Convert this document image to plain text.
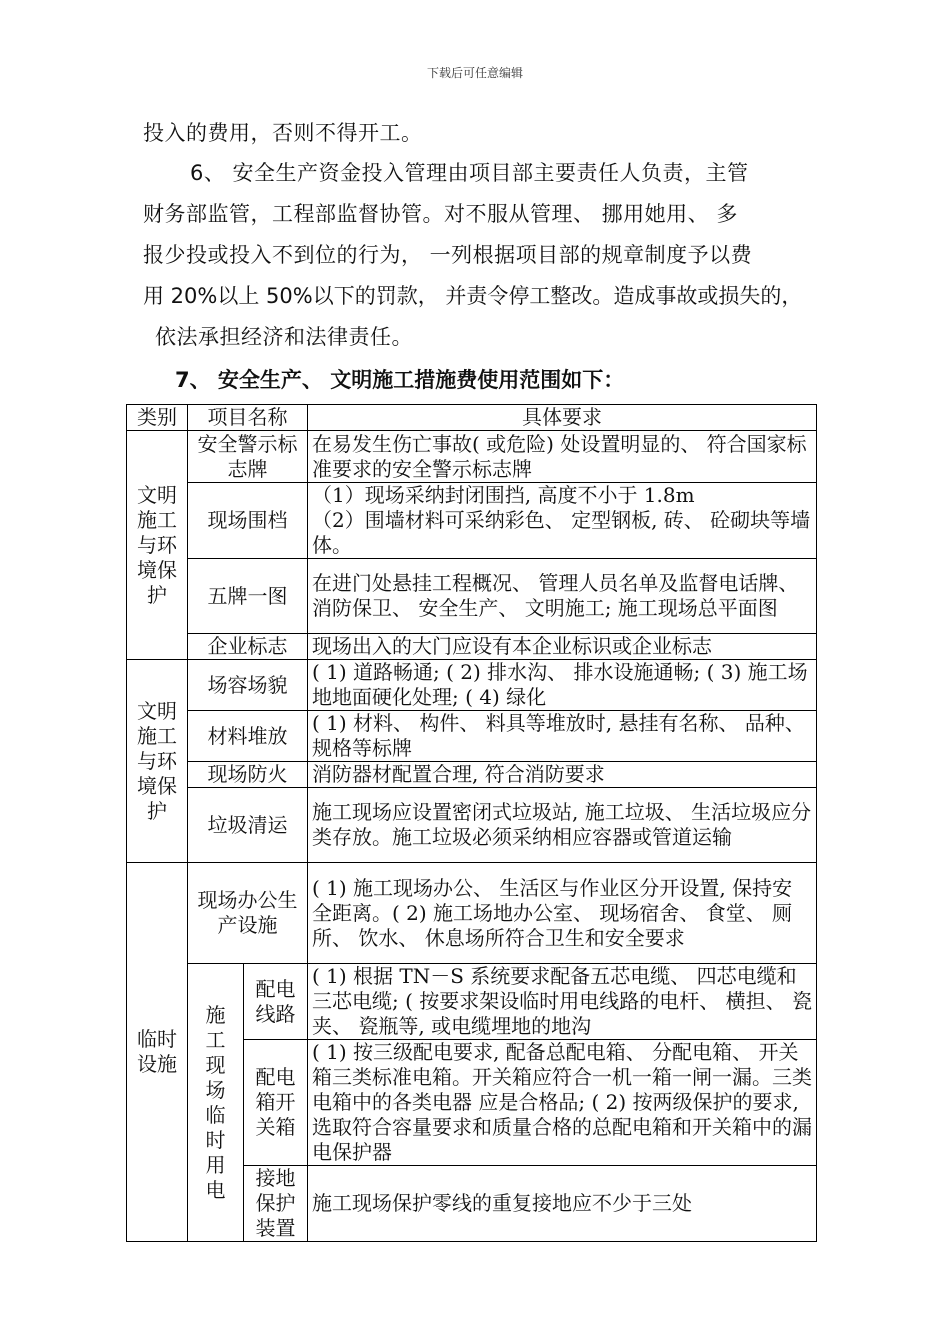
下载后可任意编辑
投入的费用，否则不得开工。
6、 安全生产资金投入管理由项目部主要责任人负责，主管
财务部监管，工程部监督协管。对不服从管理、 挪用她用、 多
报少投或投入不到位的行为， 一列根据项目部的规章制度予以费
用 20%以上 50%以下的罚款， 并责令停工整改。造成事故或损失的，
依法承担经济和法律责任。
7、 安全生产、 文明施工措施费使用范围如下：
类别	项目名称		具体要求

文明施工与环境保护	安全警示标志牌		在易发生伤亡事故( 或危险) 处设置明显的、 符合国家标准要求的安全警示标志牌
	现场围档		（1）现场采纳封闭围挡, 高度不小于 1.8m
（2）围墙材料可采纳彩色、 定型钢板, 砖、 砼砌块等墙体。
	五牌一图		在进门处悬挂工程概况、 管理人员名单及监督电话牌、 消防保卫、 安全生产、 文明施工; 施工现场总平面图
	企业标志		现场出入的大门应设有本企业标识或企业标志

文明施工与环境保护	场容场貌		( 1) 道路畅通; ( 2) 排水沟、 排水设施通畅; ( 3) 施工场地地面硬化处理; ( 4) 绿化
	材料堆放		( 1) 材料、 构件、 料具等堆放时, 悬挂有名称、 品种、 规格等标牌
	现场防火		消防器材配置合理, 符合消防要求
	垃圾清运		施工现场应设置密闭式垃圾站, 施工垃圾、 生活垃圾应分类存放。施工垃圾必须采纳相应容器或管道运输

临时设施	现场办公生产设施		( 1) 施工现场办公、 生活区与作业区分开设置, 保持安全距离。( 2) 施工场地办公室、 现场宿舍、 食堂、 厕所、 饮水、 休息场所符合卫生和安全要求

	施工现场临时用电	配电线路	( 1) 根据 TN－S 系统要求配备五芯电缆、 四芯电缆和三芯电缆; ( 按要求架设临时用电线路的电杆、 横担、 瓷夹、 瓷瓶等, 或电缆埋地的地沟

		配电箱开关箱	( 1) 按三级配电要求, 配备总配电箱、 分配电箱、 开关箱三类标准电箱。开关箱应符合一机一箱一闸一漏。三类电箱中的各类电器 应是合格品; ( 2) 按两级保护的要求, 选取符合容量要求和质量合格的总配电箱和开关箱中的漏电保护器

		接地保护装置	施工现场保护零线的重复接地应不少于三处
